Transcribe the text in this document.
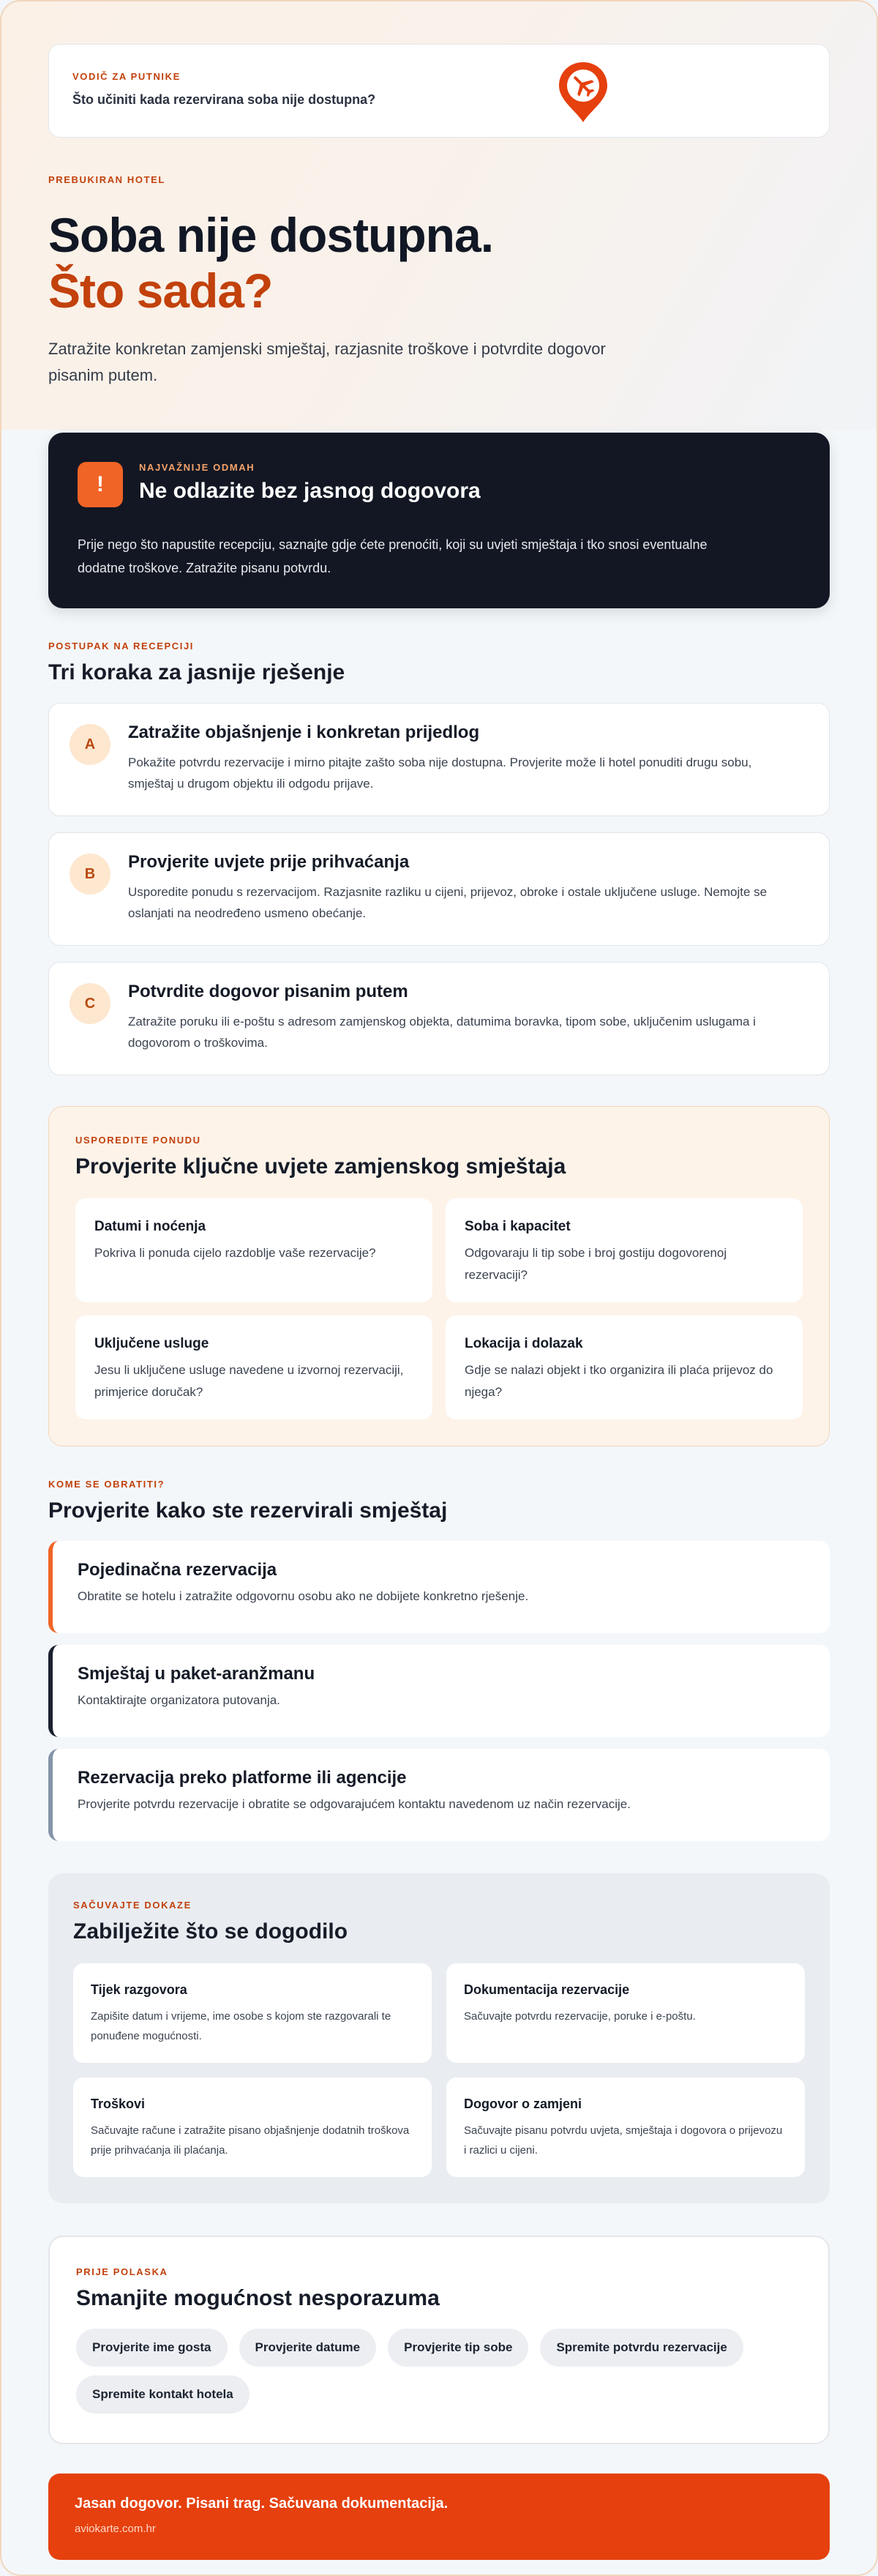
VODIČ ZA PUTNIKE
Što učiniti kada rezervirana soba nije dostupna?
PREBUKIRAN HOTEL
Soba nije dostupna.
Što sada?
Zatražite konkretan zamjenski smještaj, razjasnite troškove i potvrdite dogovor pisanim putem.
!
NAJVAŽNIJE ODMAH
Ne odlazite bez jasnog dogovora
Prije nego što napustite recepciju, saznajte gdje ćete prenoćiti, koji su uvjeti smještaja i tko snosi eventualne dodatne troškove. Zatražite pisanu potvrdu.
POSTUPAK NA RECEPCIJI
Tri koraka za jasnije rješenje
A
Zatražite objašnjenje i konkretan prijedlog
Pokažite potvrdu rezervacije i mirno pitajte zašto soba nije dostupna. Provjerite može li hotel ponuditi drugu sobu, smještaj u drugom objektu ili odgodu prijave.
B
Provjerite uvjete prije prihvaćanja
Usporedite ponudu s rezervacijom. Razjasnite razliku u cijeni, prijevoz, obroke i ostale uključene usluge. Nemojte se oslanjati na neodređeno usmeno obećanje.
C
Potvrdite dogovor pisanim putem
Zatražite poruku ili e-poštu s adresom zamjenskog objekta, datumima boravka, tipom sobe, uključenim uslugama i dogovorom o troškovima.
USPOREDITE PONUDU
Provjerite ključne uvjete zamjenskog smještaja
Datumi i noćenja
Pokriva li ponuda cijelo razdoblje vaše rezervacije?
Soba i kapacitet
Odgovaraju li tip sobe i broj gostiju dogovorenoj rezervaciji?
Uključene usluge
Jesu li uključene usluge navedene u izvornoj rezervaciji, primjerice doručak?
Lokacija i dolazak
Gdje se nalazi objekt i tko organizira ili plaća prijevoz do njega?
KOME SE OBRATITI?
Provjerite kako ste rezervirali smještaj
Pojedinačna rezervacija
Obratite se hotelu i zatražite odgovornu osobu ako ne dobijete konkretno rješenje.
Smještaj u paket-aranžmanu
Kontaktirajte organizatora putovanja.
Rezervacija preko platforme ili agencije
Provjerite potvrdu rezervacije i obratite se odgovarajućem kontaktu navedenom uz način rezervacije.
SAČUVAJTE DOKAZE
Zabilježite što se dogodilo
Tijek razgovora
Zapišite datum i vrijeme, ime osobe s kojom ste razgovarali te ponuđene mogućnosti.
Dokumentacija rezervacije
Sačuvajte potvrdu rezervacije, poruke i e-poštu.
Troškovi
Sačuvajte račune i zatražite pisano objašnjenje dodatnih troškova prije prihvaćanja ili plaćanja.
Dogovor o zamjeni
Sačuvajte pisanu potvrdu uvjeta, smještaja i dogovora o prijevozu i razlici u cijeni.
PRIJE POLASKA
Smanjite mogućnost nesporazuma
Provjerite ime gosta	Provjerite datume	Provjerite tip sobe	Spremite potvrdu rezervacije
Spremite kontakt hotela
Jasan dogovor. Pisani trag. Sačuvana dokumentacija.
aviokarte.com.hr
